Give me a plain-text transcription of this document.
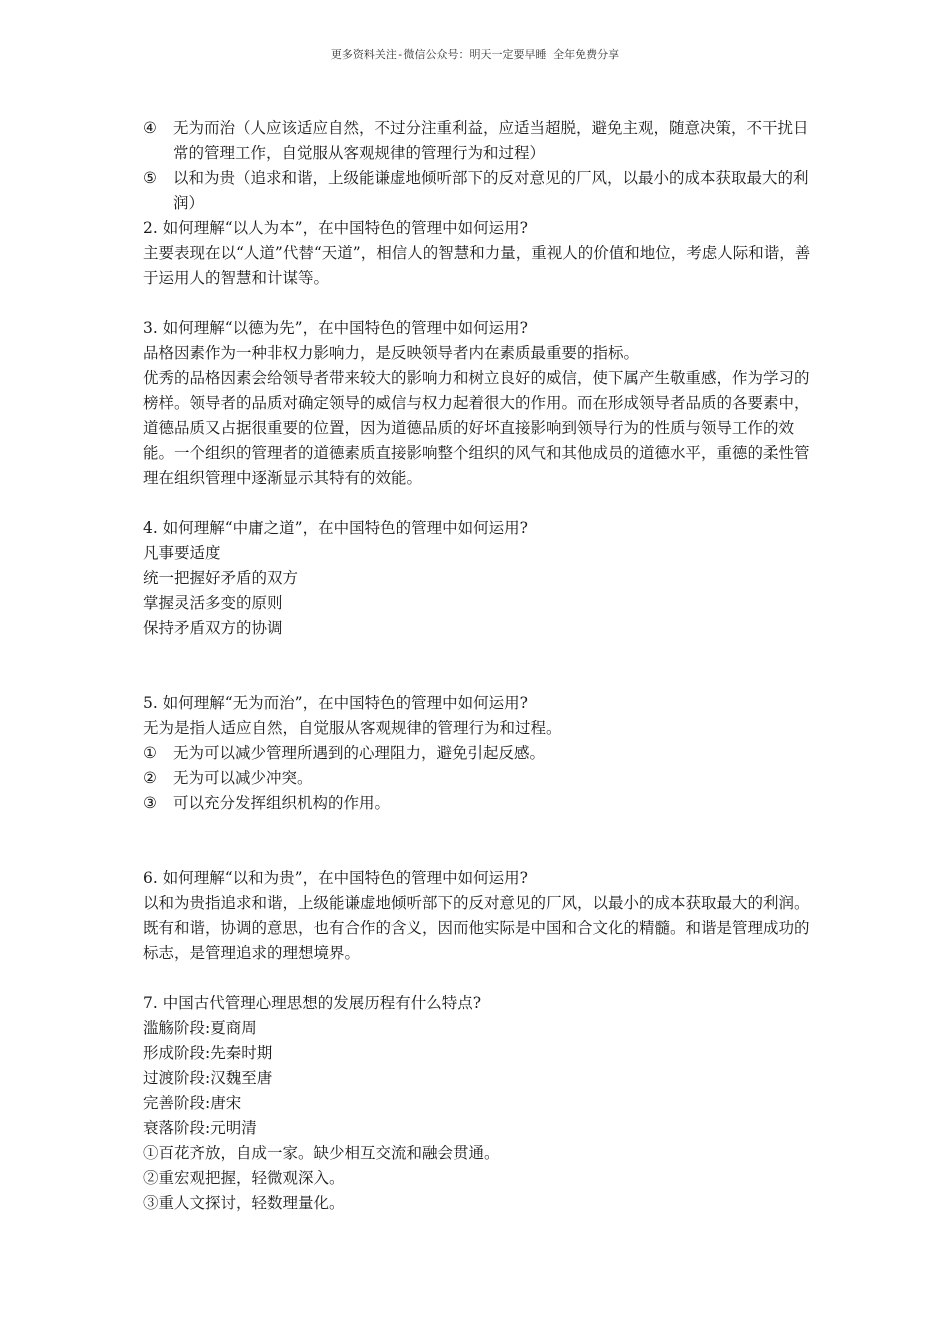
更多资料关注-微信公众号：明天一定要早睡 全年免费分享
④	无为而治（人应该适应自然，不过分注重利益，应适当超脱，避免主观，随意决策，不干扰日常的管理工作，自觉服从客观规律的管理行为和过程）
⑤	以和为贵（追求和谐，上级能谦虚地倾听部下的反对意见的厂风，以最小的成本获取最大的利润）

2. 如何理解“以人为本”，在中国特色的管理中如何运用?

主要表现在以“人道”代替“天道”，相信人的智慧和力量，重视人的价值和地位，考虑人际和谐，善于运用人的智慧和计谋等。

3. 如何理解“以德为先”，在中国特色的管理中如何运用?

品格因素作为一种非权力影响力，是反映领导者内在素质最重要的指标。

优秀的品格因素会给领导者带来较大的影响力和树立良好的威信，使下属产生敬重感，作为学习的榜样。领导者的品质对确定领导的威信与权力起着很大的作用。而在形成领导者品质的各要素中，道德品质又占据很重要的位置，因为道德品质的好坏直接影响到领导行为的性质与领导工作的效能。一个组织的管理者的道德素质直接影响整个组织的风气和其他成员的道德水平，重德的柔性管理在组织管理中逐渐显示其特有的效能。

4. 如何理解“中庸之道”，在中国特色的管理中如何运用?

凡事要适度

统一把握好矛盾的双方

掌握灵活多变的原则

保持矛盾双方的协调

5. 如何理解“无为而治”，在中国特色的管理中如何运用?

无为是指人适应自然，自觉服从客观规律的管理行为和过程。

①	无为可以减少管理所遇到的心理阻力，避免引起反感。
②	无为可以减少冲突。
③	可以充分发挥组织机构的作用。

6. 如何理解“以和为贵”，在中国特色的管理中如何运用?

以和为贵指追求和谐，上级能谦虚地倾听部下的反对意见的厂风，以最小的成本获取最大的利润。既有和谐，协调的意思，也有合作的含义，因而他实际是中国和合文化的精髓。和谐是管理成功的标志，是管理追求的理想境界。

7. 中国古代管理心理思想的发展历程有什么特点?

滥觞阶段:夏商周

形成阶段:先秦时期

过渡阶段:汉魏至唐

完善阶段:唐宋

衰落阶段:元明清

①百花齐放，自成一家。缺少相互交流和融会贯通。

②重宏观把握，轻微观深入。

③重人文探讨，轻数理量化。
